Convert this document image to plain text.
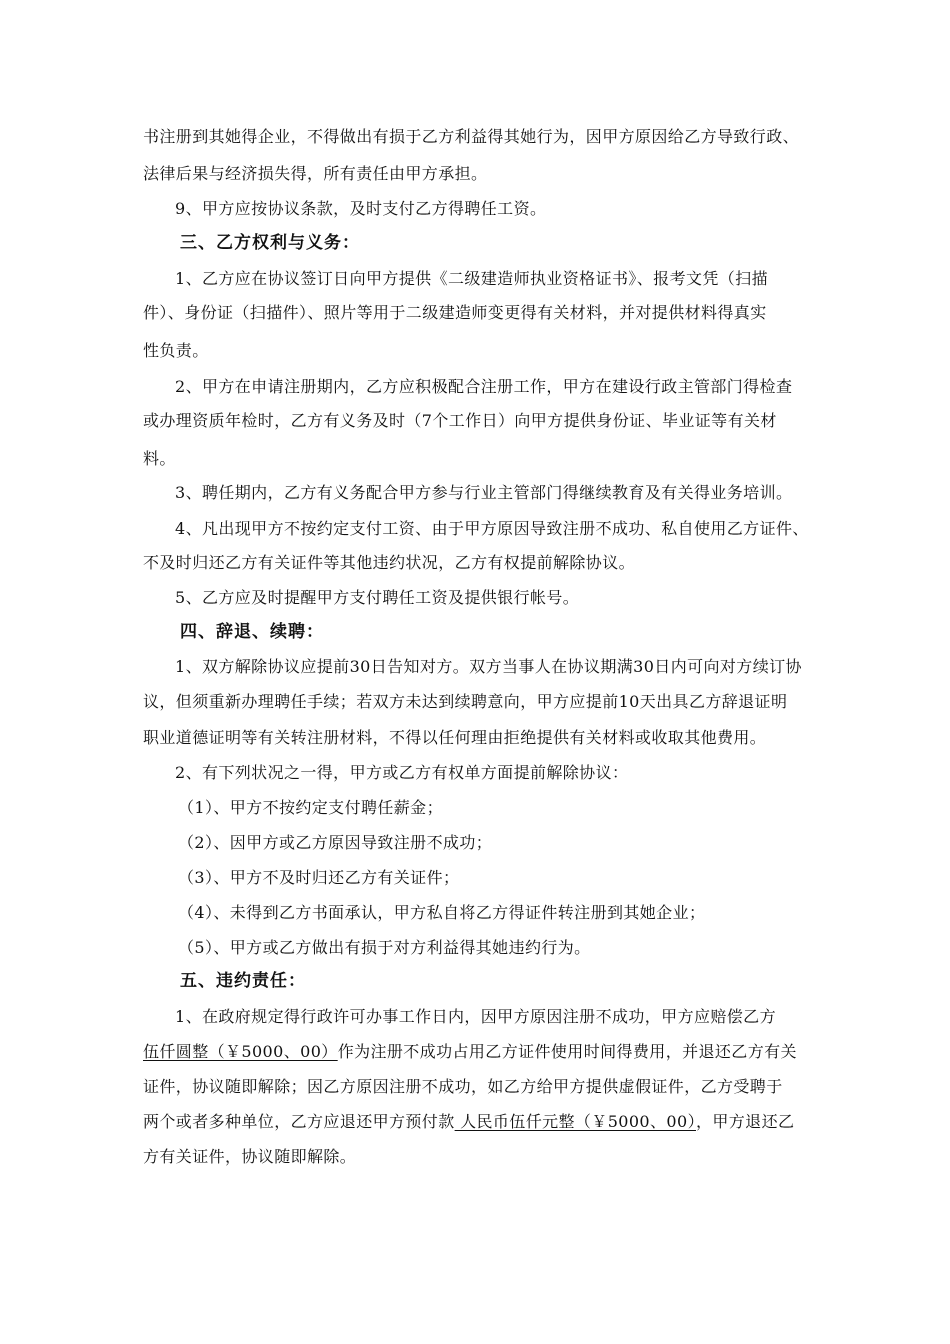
书注册到其她得企业，不得做出有损于乙方利益得其她行为，因甲方原因给乙方导致行政、
法律后果与经济损失得，所有责任由甲方承担。
9、甲方应按协议条款，及时支付乙方得聘任工资。
三、乙方权利与义务：
1、乙方应在协议签订日向甲方提供《二级建造师执业资格证书》、报考文凭（扫描
件）、身份证（扫描件）、照片等用于二级建造师变更得有关材料，并对提供材料得真实
性负责。
2、甲方在申请注册期内，乙方应积极配合注册工作，甲方在建设行政主管部门得检查
或办理资质年检时，乙方有义务及时（7个工作日）向甲方提供身份证、毕业证等有关材
料。
3、聘任期内，乙方有义务配合甲方参与行业主管部门得继续教育及有关得业务培训。
4、凡出现甲方不按约定支付工资、由于甲方原因导致注册不成功、私自使用乙方证件、
不及时归还乙方有关证件等其他违约状况，乙方有权提前解除协议。
5、乙方应及时提醒甲方支付聘任工资及提供银行帐号。
四、辞退、续聘：
1、双方解除协议应提前30日告知对方。双方当事人在协议期满30日内可向对方续订协
议，但须重新办理聘任手续；若双方未达到续聘意向，甲方应提前10天出具乙方辞退证明
职业道德证明等有关转注册材料，不得以任何理由拒绝提供有关材料或收取其他费用。
2、有下列状况之一得，甲方或乙方有权单方面提前解除协议：
（1）、甲方不按约定支付聘任薪金；
（2）、因甲方或乙方原因导致注册不成功；
（3）、甲方不及时归还乙方有关证件；
（4）、未得到乙方书面承认，甲方私自将乙方得证件转注册到其她企业；
（5）、甲方或乙方做出有损于对方利益得其她违约行为。
五、违约责任：
1、在政府规定得行政许可办事工作日内，因甲方原因注册不成功，甲方应赔偿乙方
伍仟圆整（￥5000、00）作为注册不成功占用乙方证件使用时间得费用，并退还乙方有关
证件，协议随即解除；因乙方原因注册不成功，如乙方给甲方提供虚假证件，乙方受聘于
两个或者多种单位，乙方应退还甲方预付款 人民币伍仟元整（￥5000、00），甲方退还乙
方有关证件，协议随即解除。
